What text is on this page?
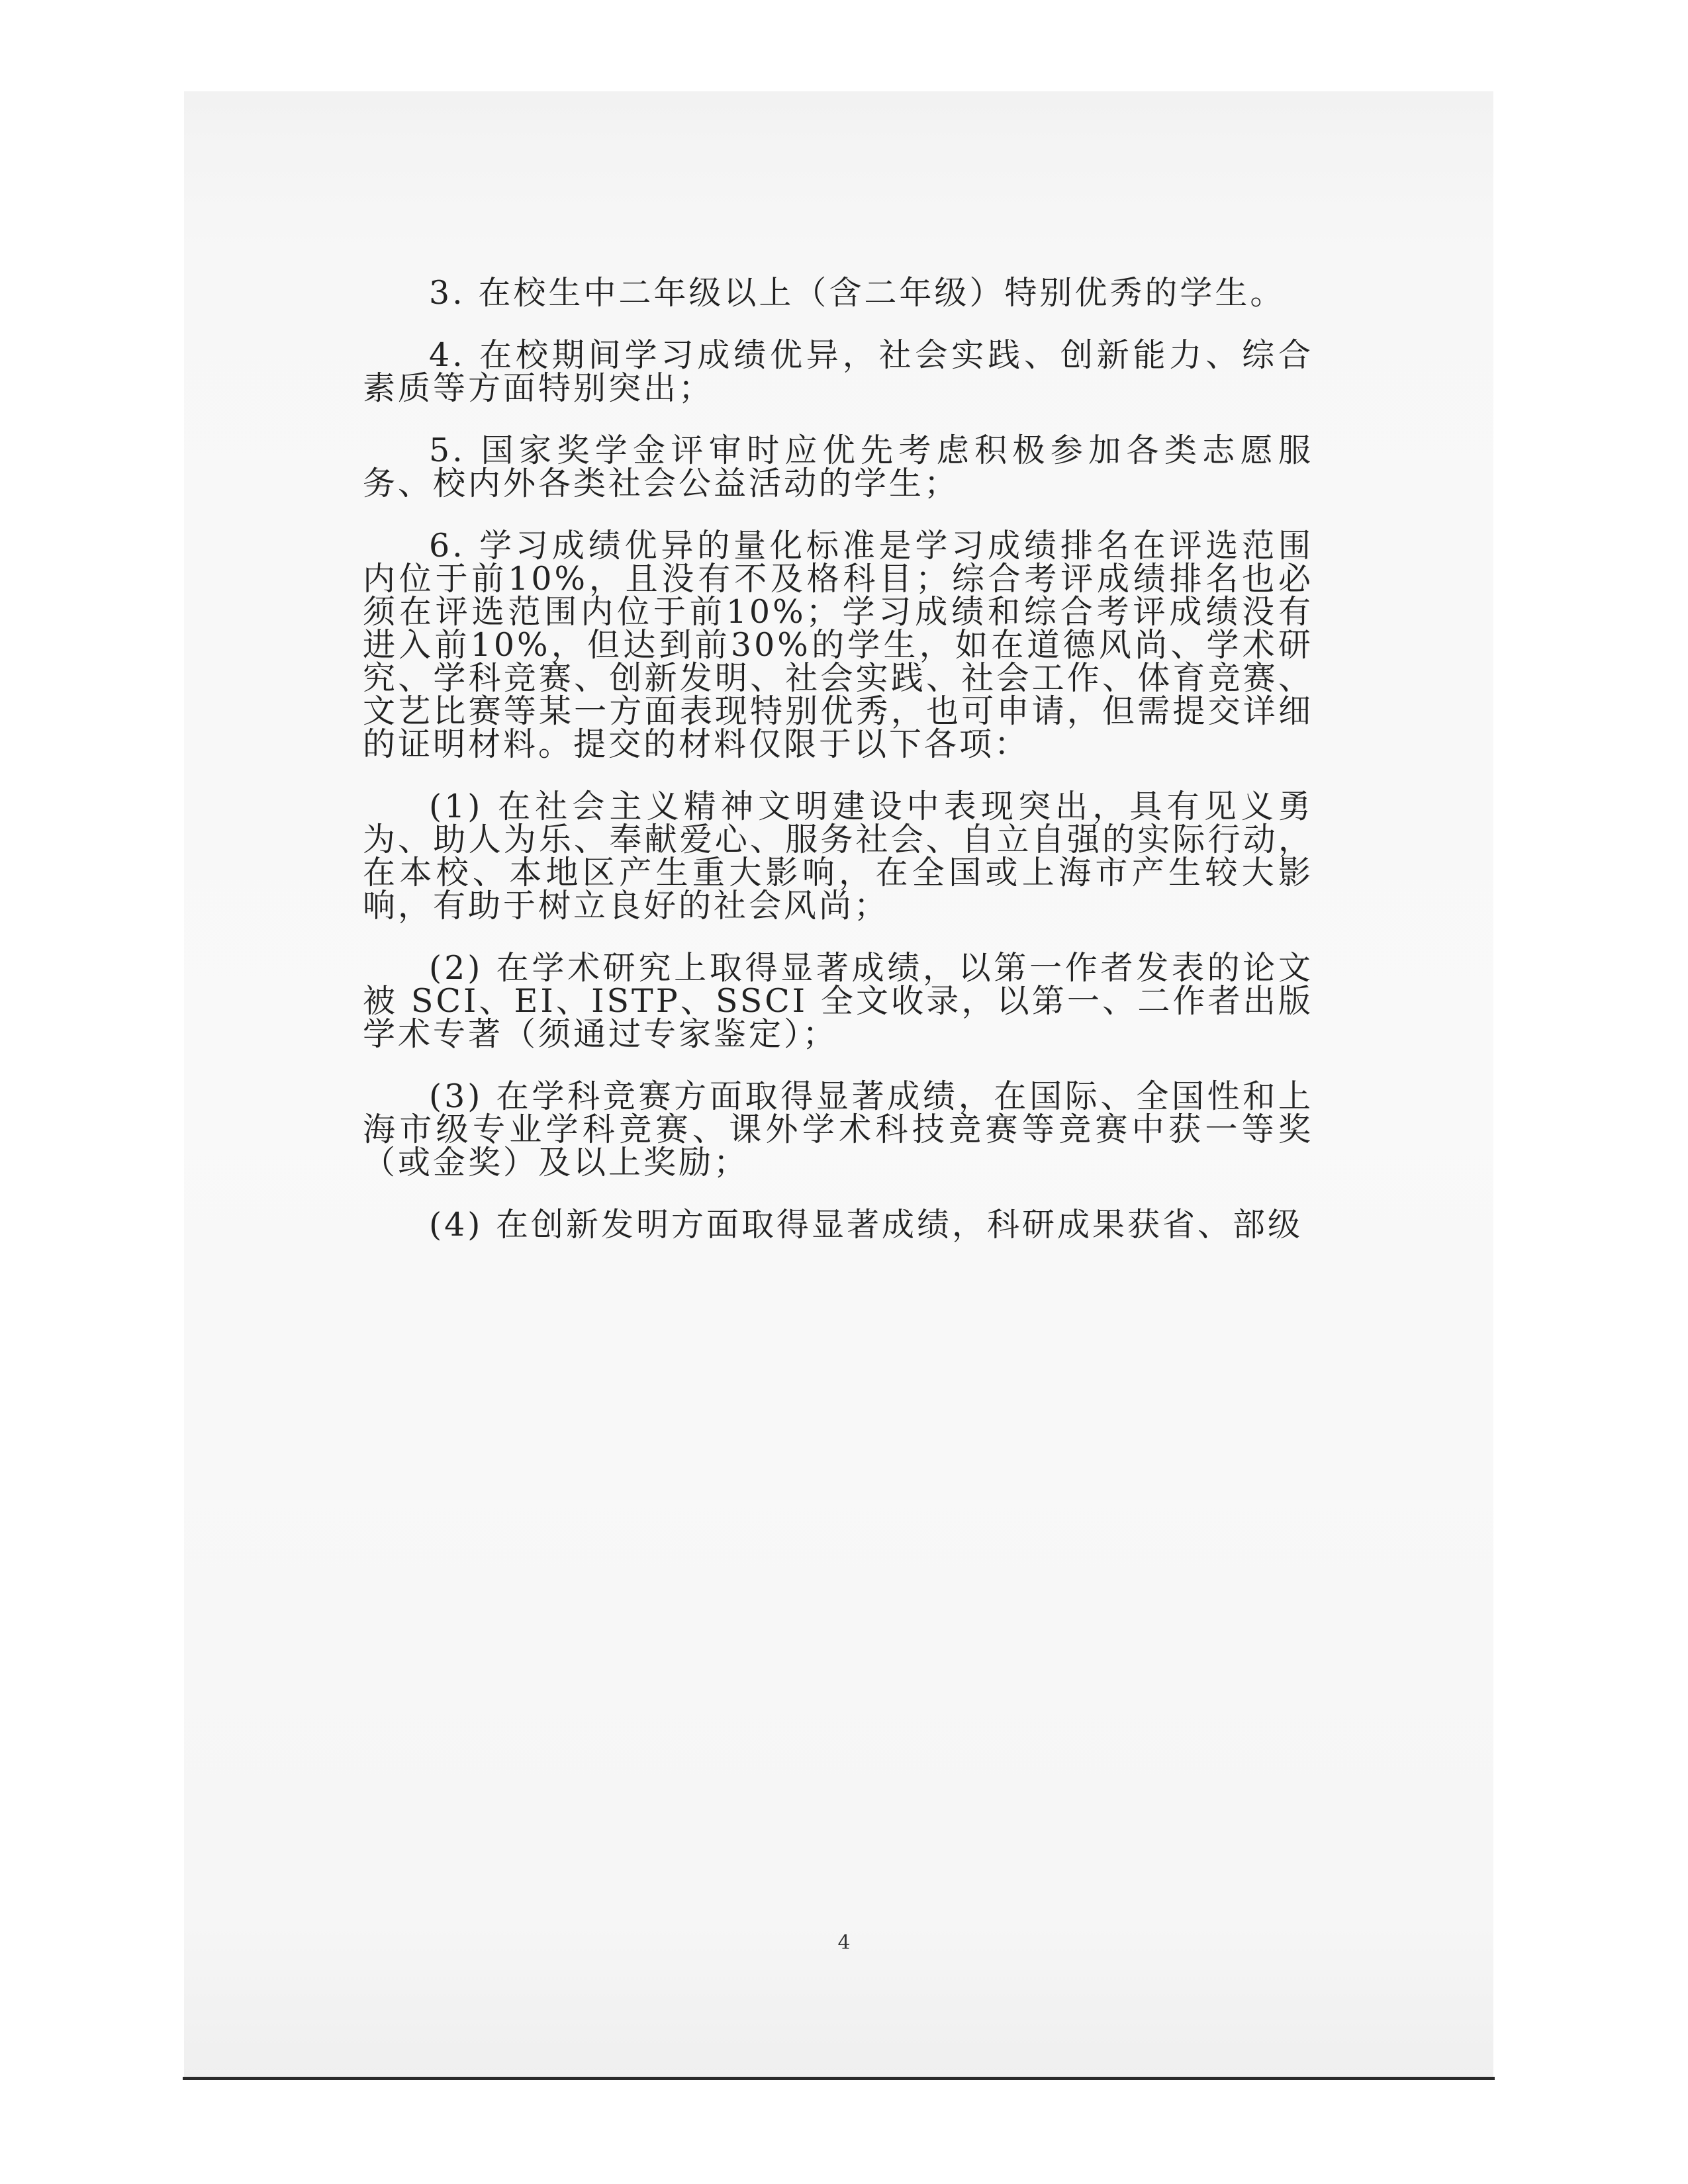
3. 在校生中二年级以上（含二年级）特别优秀的学生。

4. 在校期间学习成绩优异，社会实践、创新能力、综合素质等方面特别突出；

5. 国家奖学金评审时应优先考虑积极参加各类志愿服务、校内外各类社会公益活动的学生；

6. 学习成绩优异的量化标准是学习成绩排名在评选范围内位于前10%，且没有不及格科目；综合考评成绩排名也必须在评选范围内位于前10%；学习成绩和综合考评成绩没有进入前10%，但达到前30%的学生，如在道德风尚、学术研究、学科竞赛、创新发明、社会实践、社会工作、体育竞赛、文艺比赛等某一方面表现特别优秀，也可申请，但需提交详细的证明材料。提交的材料仅限于以下各项：

(1) 在社会主义精神文明建设中表现突出，具有见义勇为、助人为乐、奉献爱心、服务社会、自立自强的实际行动，在本校、本地区产生重大影响，在全国或上海市产生较大影响，有助于树立良好的社会风尚；

(2) 在学术研究上取得显著成绩，以第一作者发表的论文被 SCI、EI、ISTP、SSCI 全文收录，以第一、二作者出版学术专著（须通过专家鉴定）；

(3) 在学科竞赛方面取得显著成绩，在国际、全国性和上海市级专业学科竞赛、课外学术科技竞赛等竞赛中获一等奖（或金奖）及以上奖励；

(4) 在创新发明方面取得显著成绩，科研成果获省、部级

4
